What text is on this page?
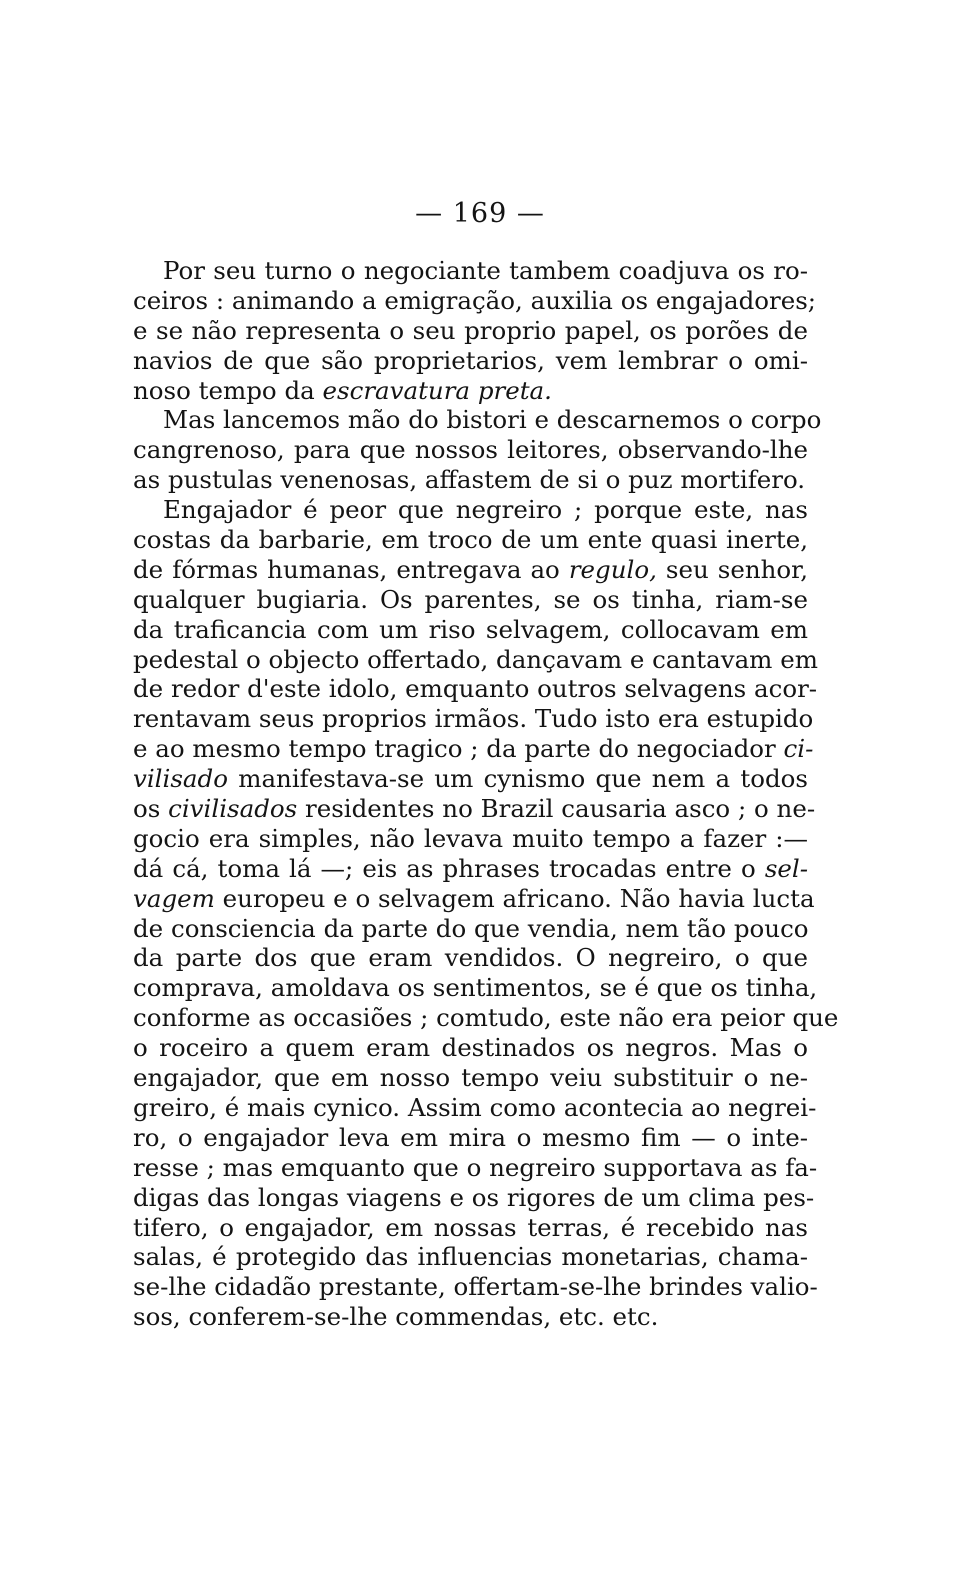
— 169 —
Por seu turno o negociante tambem coadjuva os ro-
ceiros : animando a emigração, auxilia os engajadores;
e se não representa o seu proprio papel, os porões de
navios de que são proprietarios, vem lembrar o omi-
noso tempo da escravatura preta.
Mas lancemos mão do bistori e descarnemos o corpo
cangrenoso, para que nossos leitores, observando-lhe
as pustulas venenosas, affastem de si o puz mortifero.
Engajador é peor que negreiro ; porque este, nas
costas da barbarie, em troco de um ente quasi inerte,
de fórmas humanas, entregava ao regulo, seu senhor,
qualquer bugiaria. Os parentes, se os tinha, riam-se
da traficancia com um riso selvagem, collocavam em
pedestal o objecto offertado, dançavam e cantavam em
de redor d'este idolo, emquanto outros selvagens acor-
rentavam seus proprios irmãos. Tudo isto era estupido
e ao mesmo tempo tragico ; da parte do negociador ci-
vilisado manifestava-se um cynismo que nem a todos
os civilisados residentes no Brazil causaria asco ; o ne-
gocio era simples, não levava muito tempo a fazer :—
dá cá, toma lá —; eis as phrases trocadas entre o sel-
vagem europeu e o selvagem africano. Não havia lucta
de consciencia da parte do que vendia, nem tão pouco
da parte dos que eram vendidos. O negreiro, o que
comprava, amoldava os sentimentos, se é que os tinha,
conforme as occasiões ; comtudo, este não era peior que
o roceiro a quem eram destinados os negros. Mas o
engajador, que em nosso tempo veiu substituir o ne-
greiro, é mais cynico. Assim como acontecia ao negrei-
ro, o engajador leva em mira o mesmo fim — o inte-
resse ; mas emquanto que o negreiro supportava as fa-
digas das longas viagens e os rigores de um clima pes-
tifero, o engajador, em nossas terras, é recebido nas
salas, é protegido das influencias monetarias, chama-
se-lhe cidadão prestante, offertam-se-lhe brindes valio-
sos, conferem-se-lhe commendas, etc. etc.
